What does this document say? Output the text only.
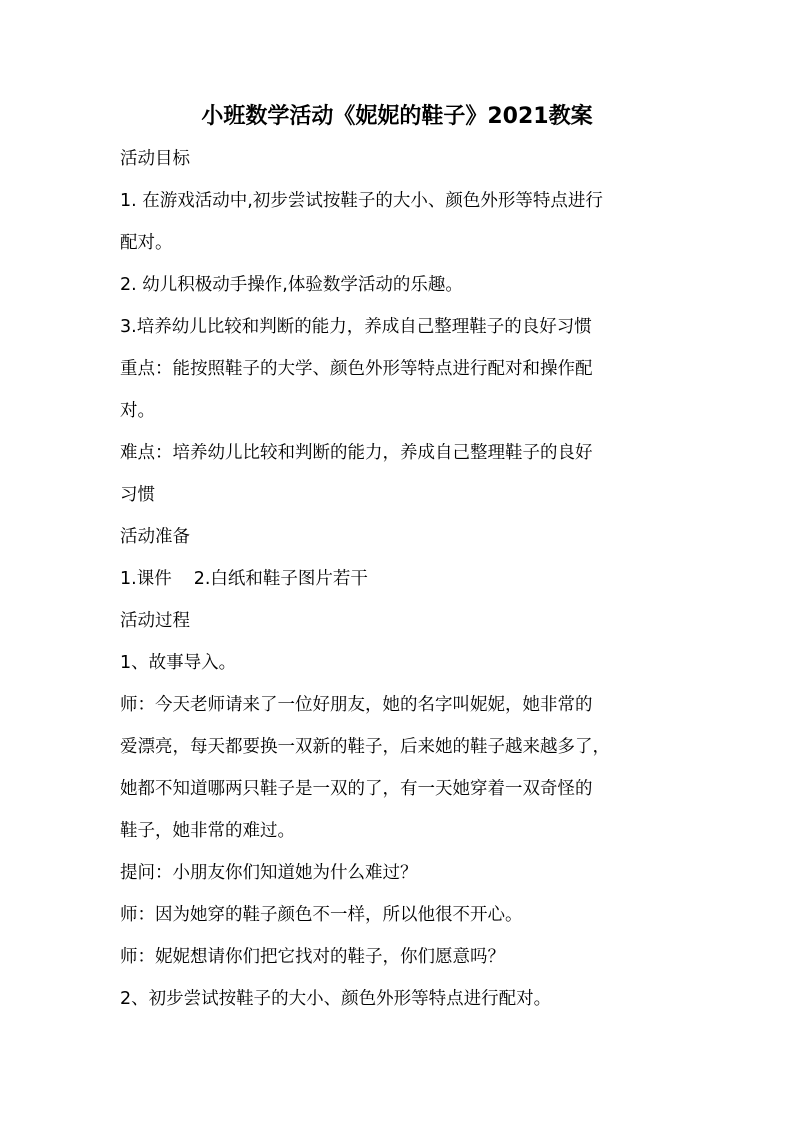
小班数学活动《妮妮的鞋子》2021教案
活动目标
1. 在游戏活动中,初步尝试按鞋子的大小、颜色外形等特点进行
配对。
2. 幼儿积极动手操作,体验数学活动的乐趣。
3.培养幼儿比较和判断的能力，养成自己整理鞋子的良好习惯
重点：能按照鞋子的大学、颜色外形等特点进行配对和操作配
对。
难点：培养幼儿比较和判断的能力，养成自己整理鞋子的良好
习惯
活动准备
1.课件 2.白纸和鞋子图片若干
活动过程
1、故事导入。
师：今天老师请来了一位好朋友，她的名字叫妮妮，她非常的
爱漂亮，每天都要换一双新的鞋子，后来她的鞋子越来越多了，
她都不知道哪两只鞋子是一双的了，有一天她穿着一双奇怪的
鞋子，她非常的难过。
提问：小朋友你们知道她为什么难过？
师：因为她穿的鞋子颜色不一样，所以他很不开心。
师：妮妮想请你们把它找对的鞋子，你们愿意吗？
2、初步尝试按鞋子的大小、颜色外形等特点进行配对。
